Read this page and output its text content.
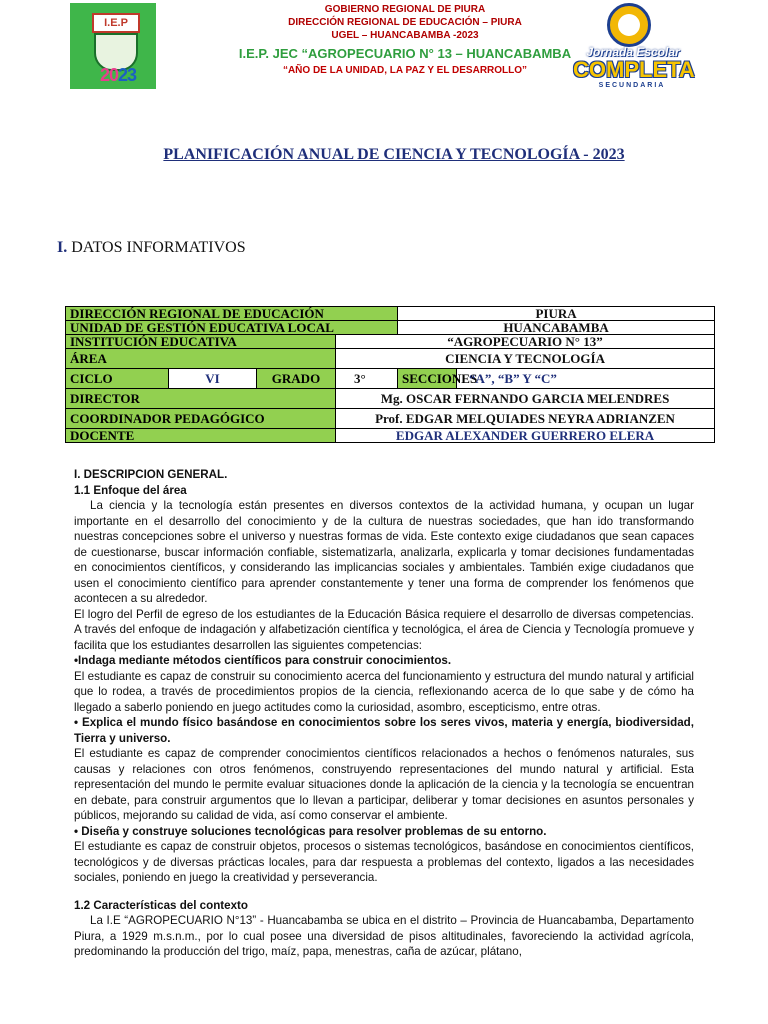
I.E.P
2023
Jornada Escolar
COMPLETA
SECUNDARIA
GOBIERNO REGIONAL DE PIURA
DIRECCIÓN REGIONAL DE EDUCACIÓN – PIURA
UGEL – HUANCABAMBA -2023
I.E.P. JEC “AGROPECUARIO N° 13 – HUANCABAMBA
“AÑO DE LA UNIDAD, LA PAZ Y EL DESARROLLO”
PLANIFICACIÓN ANUAL DE CIENCIA Y TECNOLOGÍA - 2023
I. DATOS INFORMATIVOS
DIRECCIÓN REGIONAL DE EDUCACIÓN				PIURA	
UNIDAD DE GESTIÓN EDUCATIVA LOCAL				HUANCABAMBA	
INSTITUCIÓN EDUCATIVA			“AGROPECUARIO N° 13”		
ÁREA			CIENCIA Y TECNOLOGÍA		
CICLO	VI	GRADO	3°	SECCIONES	“A”, “B” Y “C”
DIRECTOR			Mg. OSCAR FERNANDO GARCIA MELENDRES		
COORDINADOR PEDAGÓGICO			Prof. EDGAR MELQUIADES NEYRA ADRIANZEN		
DOCENTE			EDGAR ALEXANDER GUERRERO ELERA		

I. DESCRIPCION GENERAL.

1.1 Enfoque del área

La ciencia y la tecnología están presentes en diversos contextos de la actividad humana, y ocupan un lugar importante en el desarrollo del conocimiento y de la cultura de nuestras sociedades, que han ido transformando nuestras concepciones sobre el universo y nuestras formas de vida. Este contexto exige ciudadanos que sean capaces de cuestionarse, buscar información confiable, sistematizarla, analizarla, explicarla y tomar decisiones fundamentadas en conocimientos científicos, y considerando las implicancias sociales y ambientales. También exige ciudadanos que usen el conocimiento científico para aprender constantemente y tener una forma de comprender los fenómenos que acontecen a su alrededor.

El logro del Perfil de egreso de los estudiantes de la Educación Básica requiere el desarrollo de diversas competencias. A través del enfoque de indagación y alfabetización científica y tecnológica, el área de Ciencia y Tecnología promueve y facilita que los estudiantes desarrollen las siguientes competencias:

•Indaga mediante métodos científicos para construir conocimientos.

El estudiante es capaz de construir su conocimiento acerca del funcionamiento y estructura del mundo natural y artificial que lo rodea, a través de procedimientos propios de la ciencia, reflexionando acerca de lo que sabe y de cómo ha llegado a saberlo poniendo en juego actitudes como la curiosidad, asombro, escepticismo, entre otras.

• Explica el mundo físico basándose en conocimientos sobre los seres vivos, materia y energía, biodiversidad, Tierra y universo.

El estudiante es capaz de comprender conocimientos científicos relacionados a hechos o fenómenos naturales, sus causas y relaciones con otros fenómenos, construyendo representaciones del mundo natural y artificial. Esta representación del mundo le permite evaluar situaciones donde la aplicación de la ciencia y la tecnología se encuentran en debate, para construir argumentos que lo llevan a participar, deliberar y tomar decisiones en asuntos personales y públicos, mejorando su calidad de vida, así como conservar el ambiente.

• Diseña y construye soluciones tecnológicas para resolver problemas de su entorno.

El estudiante es capaz de construir objetos, procesos o sistemas tecnológicos, basándose en conocimientos científicos, tecnológicos y de diversas prácticas locales, para dar respuesta a problemas del contexto, ligados a las necesidades sociales, poniendo en juego la creatividad y perseverancia.

1.2 Características del contexto

La I.E “AGROPECUARIO N°13” - Huancabamba se ubica en el distrito – Provincia de Huancabamba, Departamento Piura, a 1929 m.s.n.m., por lo cual posee una diversidad de pisos altitudinales, favoreciendo la actividad agrícola, predominando la producción del trigo, maíz, papa, menestras, caña de azúcar, plátano,
